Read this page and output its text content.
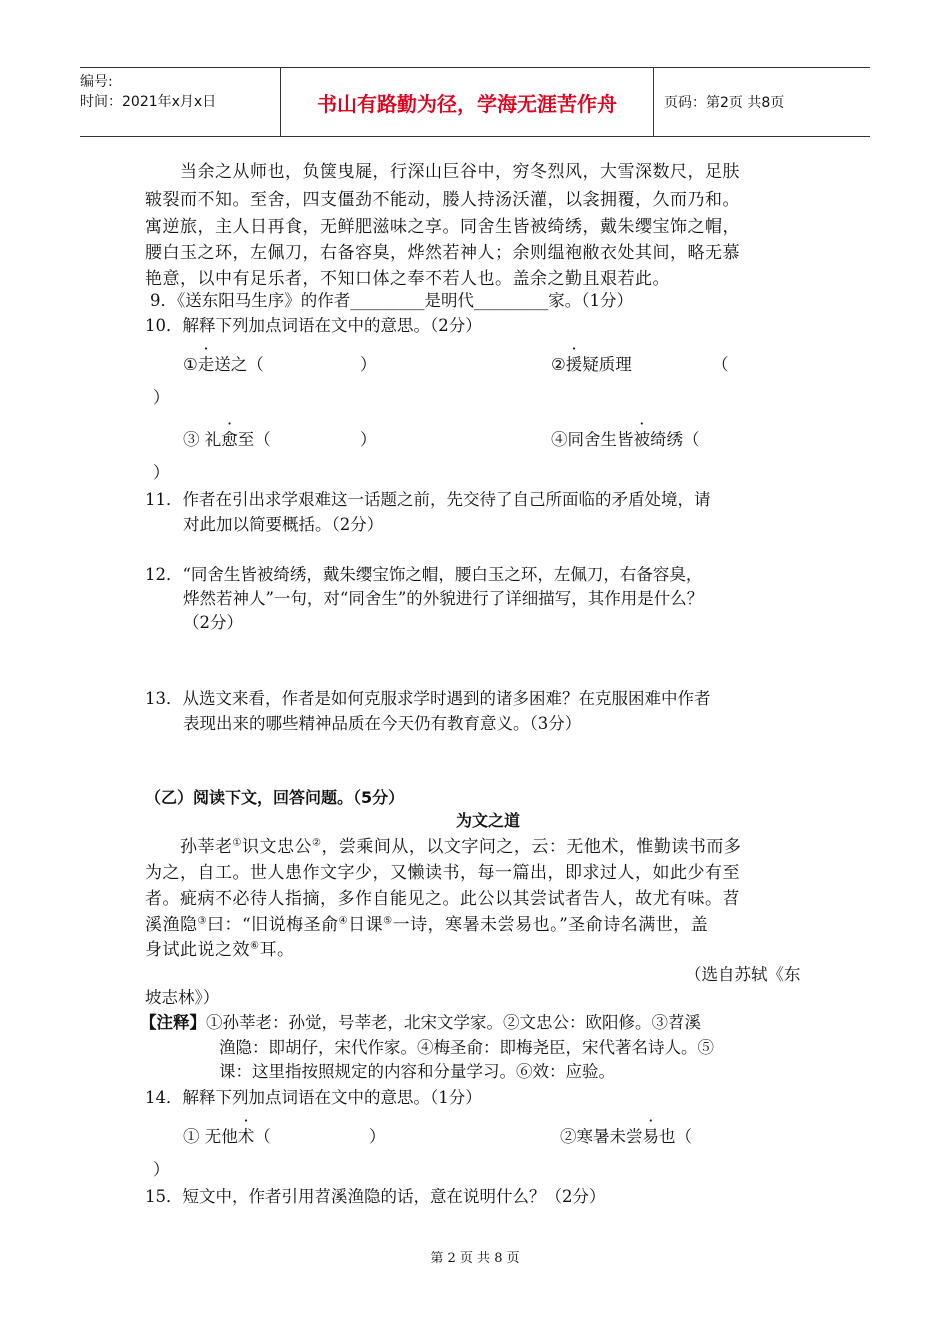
编号:
时间：2021年x月x日	书山有路勤为径，学海无涯苦作舟	页码：第2页 共8页
当余之从师也，负箧曳屣，行深山巨谷中，穷冬烈风，大雪深数尺，足肤
皲裂而不知。至舍，四支僵劲不能动，媵人持汤沃灌，以衾拥覆，久而乃和。
寓逆旅，主人日再食，无鲜肥滋味之享。同舍生皆被绮绣，戴朱缨宝饰之帽，
腰白玉之环，左佩刀，右备容臭，烨然若神人；余则缊袍敝衣处其间，略无慕
艳意，以中有足乐者，不知口体之奉不若人也。盖余之勤且艰若此。
9．《送东阳马生序》的作者_________是明代_________家。（1分）
10．解释下列加点词语在文中的意思。（2分）
①走送之（	）	②援疑质理	（
）
③ 礼愈至（	）	④同舍生皆被绮绣（
）
11．作者在引出求学艰难这一话题之前，先交待了自己所面临的矛盾处境，请
对此加以简要概括。（2分）
12．“同舍生皆被绮绣，戴朱缨宝饰之帽，腰白玉之环，左佩刀，右备容臭，
烨然若神人”一句，对“同舍生”的外貌进行了详细描写，其作用是什么？
（2分）
13．从选文来看，作者是如何克服求学时遇到的诸多困难？在克服困难中作者
表现出来的哪些精神品质在今天仍有教育意义。（3分）
（乙）阅读下文，回答问题。（5分）
为文之道
孙莘老①识文忠公②，尝乘间从，以文字问之，云：无他术，惟勤读书而多
为之，自工。世人患作文字少，又懒读书，每一篇出，即求过人，如此少有至
者。疵病不必待人指摘，多作自能见之。此公以其尝试者告人，故尤有味。苕
溪渔隐③曰：“旧说梅圣俞④日课⑤一诗，寒暑未尝易也。”圣俞诗名满世，盖
身试此说之效⑥耳。
（选自苏轼《东
坡志林》）
【注释】①孙莘老：孙觉，号莘老，北宋文学家。②文忠公：欧阳修。③苕溪
渔隐：即胡仔，宋代作家。④梅圣俞：即梅尧臣，宋代著名诗人。⑤
课：这里指按照规定的内容和分量学习。⑥效：应验。
14．解释下列加点词语在文中的意思。（1分）
① 无他术（	）	②寒暑未尝易也（
）
15．短文中，作者引用苕溪渔隐的话，意在说明什么？（2分）
第 2 页 共 8 页
